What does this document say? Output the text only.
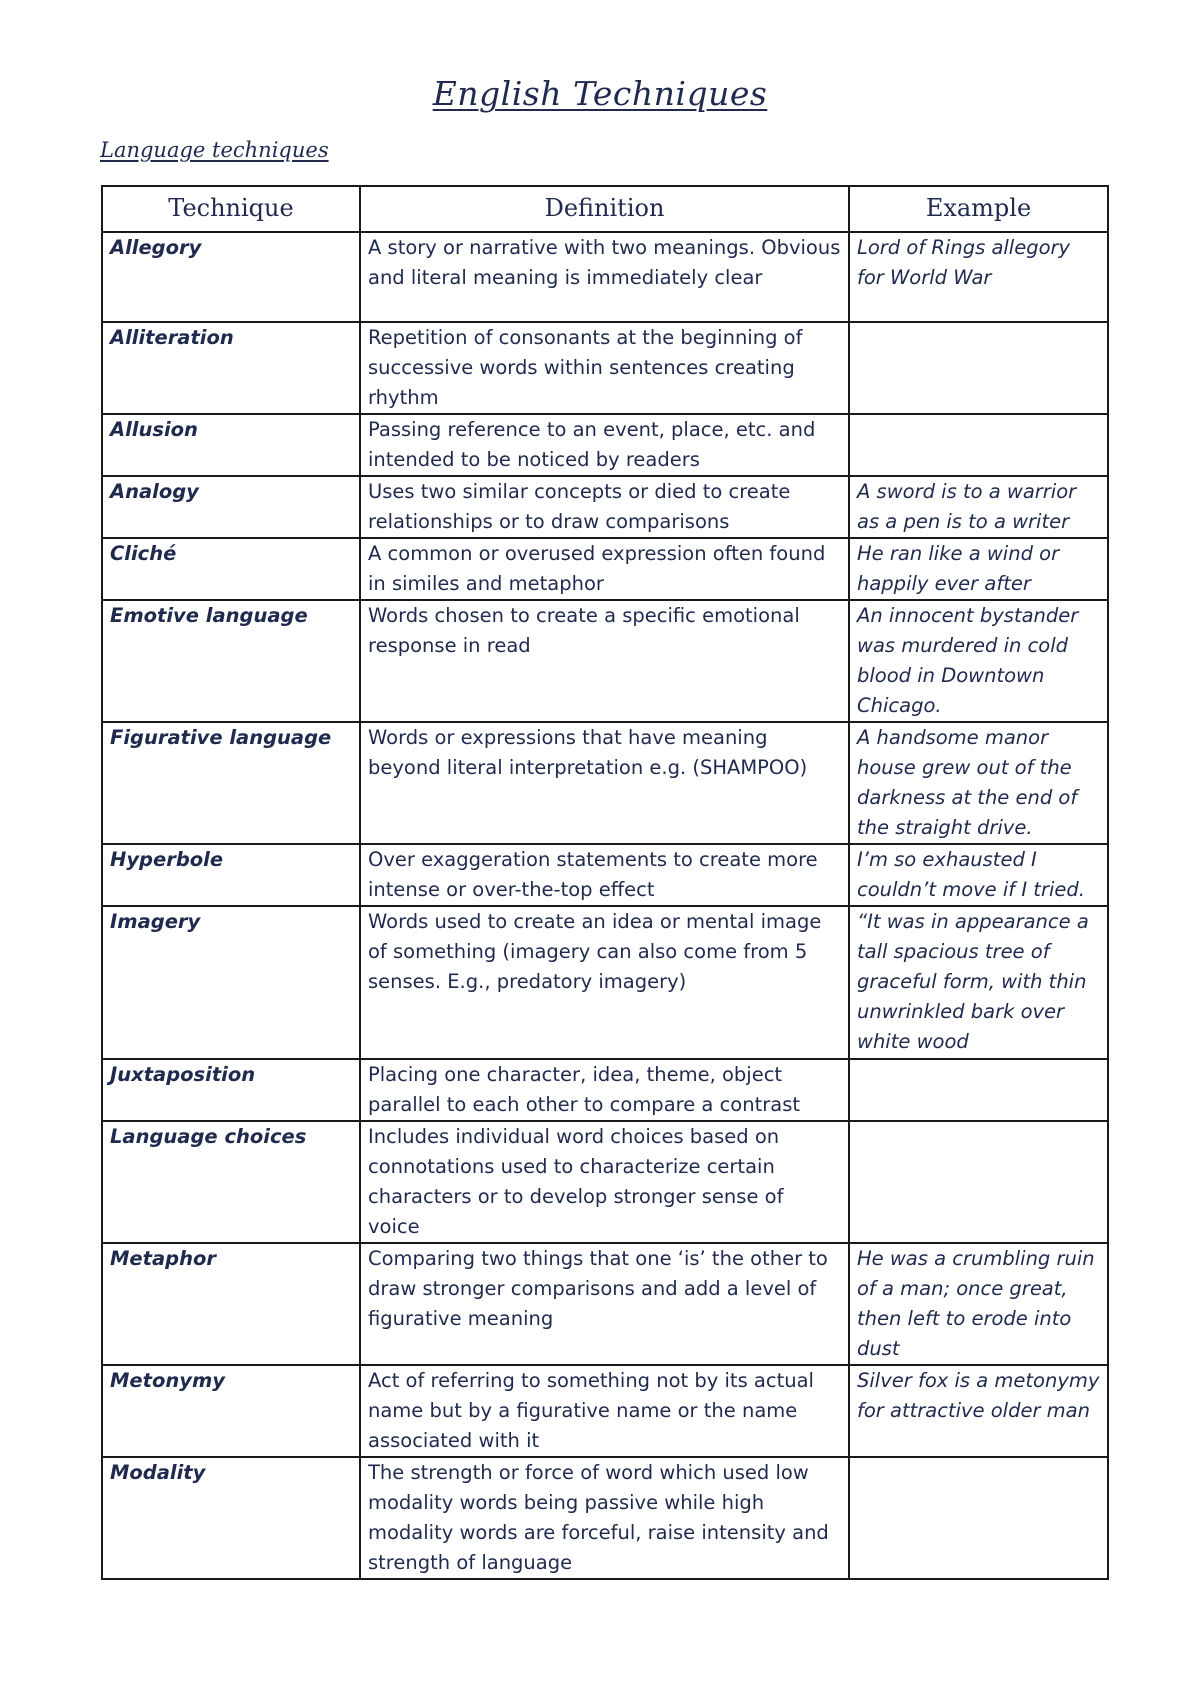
English Techniques
Language techniques
Technique	Definition	Example
Allegory	A story or narrative with two meanings. Obvious and literal meaning is immediately clear	Lord of Rings allegory for World War
Alliteration	Repetition of consonants at the beginning of successive words within sentences creating rhythm	
Allusion	Passing reference to an event, place, etc. and intended to be noticed by readers	
Analogy	Uses two similar concepts or died to create relationships or to draw comparisons	A sword is to a warrior as a pen is to a writer
Cliché	A common or overused expression often found in similes and metaphor	He ran like a wind or happily ever after
Emotive language	Words chosen to create a specific emotional response in read	An innocent bystander was murdered in cold blood in Downtown Chicago.
Figurative language	Words or expressions that have meaning beyond literal interpretation e.g. (SHAMPOO)	A handsome manor house grew out of the darkness at the end of the straight drive.
Hyperbole	Over exaggeration statements to create more intense or over-the-top effect	I’m so exhausted I couldn’t move if I tried.
Imagery	Words used to create an idea or mental image of something (imagery can also come from 5 senses. E.g., predatory imagery)	“It was in appearance a tall spacious tree of graceful form, with thin unwrinkled bark over white wood
Juxtaposition	Placing one character, idea, theme, object parallel to each other to compare a contrast	
Language choices	Includes individual word choices based on connotations used to characterize certain characters or to develop stronger sense of voice	
Metaphor	Comparing two things that one ‘is’ the other to draw stronger comparisons and add a level of figurative meaning	He was a crumbling ruin of a man; once great, then left to erode into dust
Metonymy	Act of referring to something not by its actual name but by a figurative name or the name associated with it	Silver fox is a metonymy for attractive older man
Modality	The strength or force of word which used low modality words being passive while high modality words are forceful, raise intensity and strength of language	
